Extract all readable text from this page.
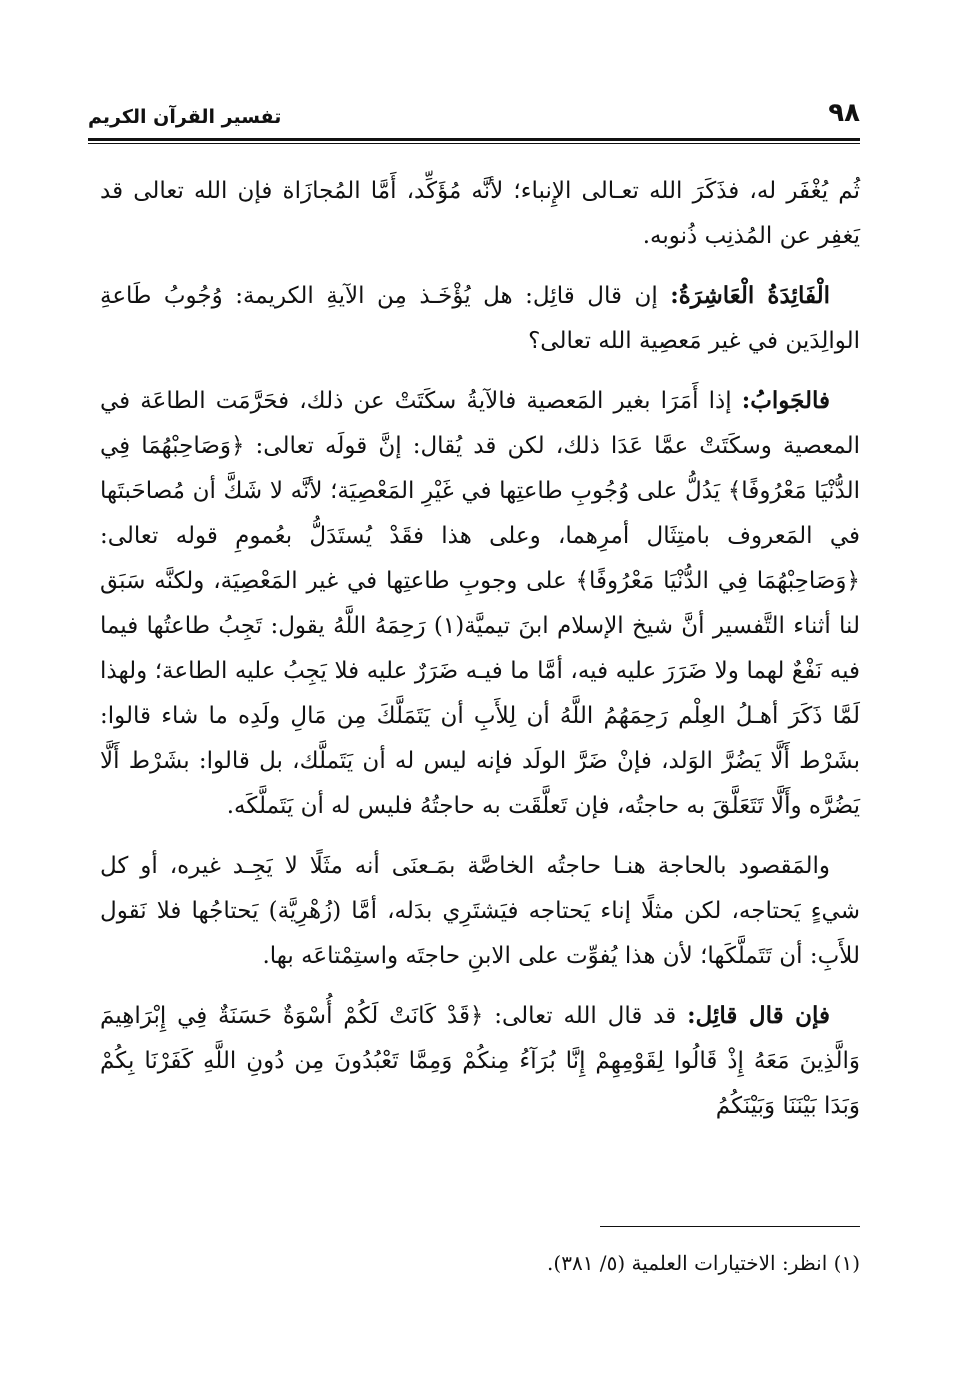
٩٨
تفسير القرآن الكريم

ثُم يُغْفَر له، فذَكَرَ الله تعـالى الإِنباء؛ لأنَّه مُؤَكِّد، أَمَّا المُجازَاة فإن الله تعالى قد يَغفِر عن المُذنِب ذُنوبه.

الْفَائِدَةُ الْعَاشِرَةُ: إن قال قائِل: هل يُؤْخَـذ مِن الآيةِ الكريمة: وُجُوبُ طَاعةِ الوالِدَين في غير مَعصِية الله تعالى؟

فالجَوابُ: إذا أَمَرَا بغير المَعصية فالآيةُ سكَتَتْ عن ذلك، فحَرَّمَت الطاعَة في المعصية وسكَتَتْ عمَّا عَدَا ذلك، لكن قد يُقال: إنَّ قولَه تعالى: ﴿وَصَاحِبْهُمَا فِي الدُّنْيَا مَعْرُوفًا﴾ يَدُلُّ على وُجُوبِ طاعتِها في غَيْرِ المَعْصِيَة؛ لأنَّه لا شَكَّ أن مُصاحَبتَها في المَعروف بامتِثَال أمرِهما، وعلى هذا فقَدْ يُستَدَلُّ بعُمومِ قوله تعالى: ﴿وَصَاحِبْهُمَا فِي الدُّنْيَا مَعْرُوفًا﴾ على وجوبِ طاعتِها في غير المَعْصِيَة، ولكنَّه سَبَق لنا أثناء التَّفسير أنَّ شيخ الإسلام ابنَ تيميَّة(١) رَحِمَهُ اللَّهُ يقول: تَجِبُ طاعتُها فيما فيه نَفْعٌ لهما ولا ضَرَرَ عليه فيه، أمَّا ما فيـه ضَرَرٌ عليه فلا يَجِبُ عليه الطاعة؛ ولهذا لَمَّا ذَكَرَ أهـلُ العِلْم رَحِمَهُمُ اللَّهُ أن لِلأَبِ أن يَتَمَلَّكَ مِن مَالِ ولَدِه ما شاء قالوا: بشَرْط أَلَّا يَضُرَّ الوَلد، فإنْ ضَرَّ الولَد فإنه ليس له أن يَتَملَّك، بل قالوا: بشَرْط أَلَّا يَضُرَّه وأَلَّا تَتَعَلَّقَ به حاجتُه، فإن تَعلَّقَت به حاجتُهُ فليس له أن يَتَملَّكَه.

والمَقصود بالحاجة هنـا حاجتُه الخاصَّة بمَـعنَى أنه مثَلًا لا يَجِـد غيره، أو كل شيءٍ يَحتاجه، لكن مثلًا إناء يَحتاجه فيَشتَرِي بدَله، أمَّا (زُهْرِيَّة) يَحتاجُها فلا نَقول للأَبِ: أن تَتَملَّكَها؛ لأن هذا يُفوِّت على الابنِ حاجتَه واستِمْتاعَه بها.

فإن قال قائِل: قد قال الله تعالى: ﴿قَدْ كَانَتْ لَكُمْ أُسْوَةٌ حَسَنَةٌ فِي إِبْرَاهِيمَ وَالَّذِينَ مَعَهُ إِذْ قَالُوا لِقَوْمِهِمْ إِنَّا بُرَآءُ مِنكُمْ وَمِمَّا تَعْبُدُونَ مِن دُونِ اللَّهِ كَفَرْنَا بِكُمْ وَبَدَا بَيْنَنَا وَبَيْنَكُمُ

(١) انظر: الاختيارات العلمية (٥/ ٣٨١).
